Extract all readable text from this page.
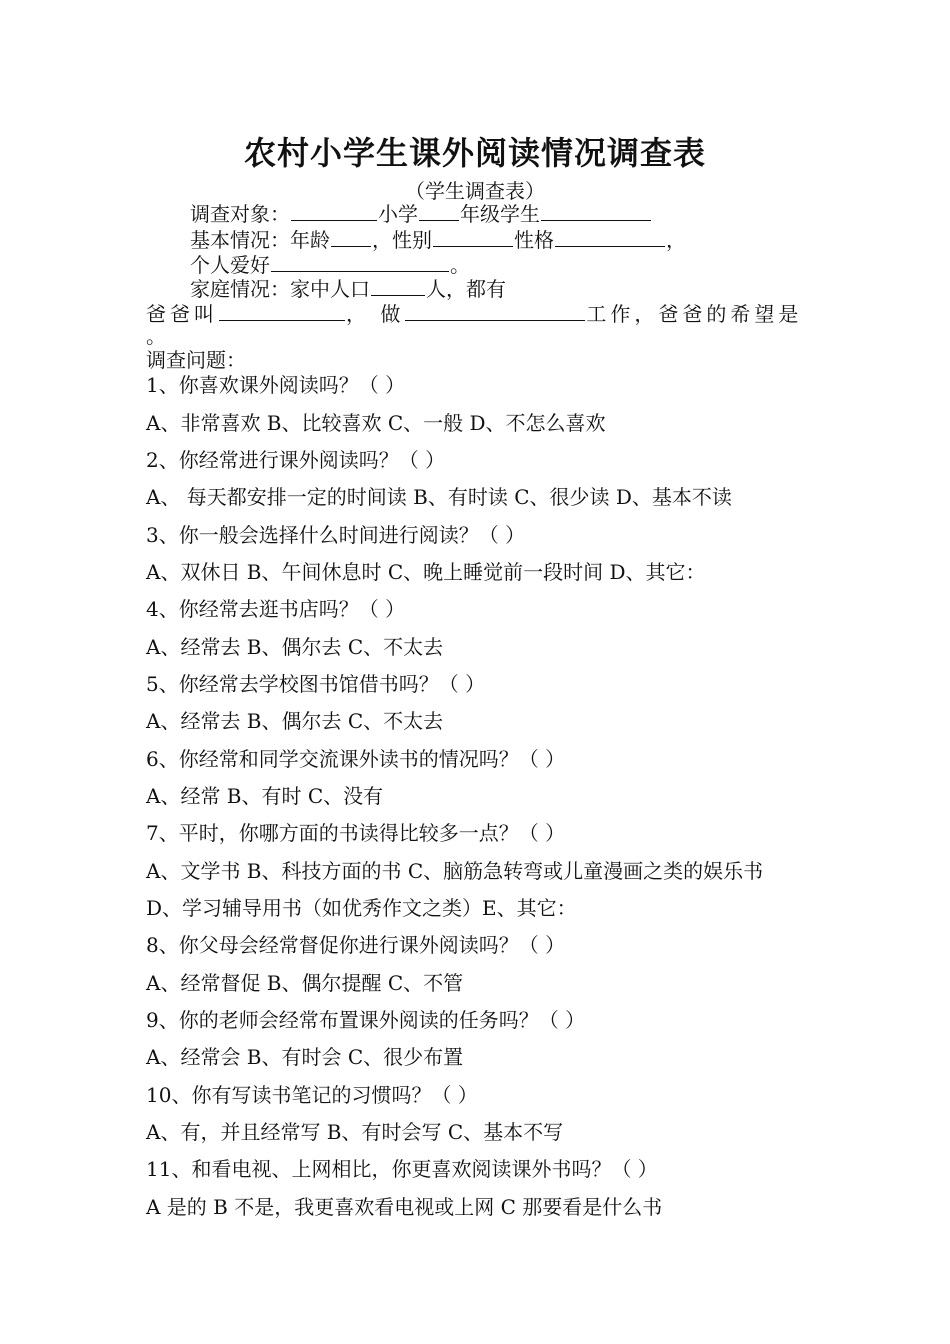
农村小学生课外阅读情况调查表
（学生调查表）
调查对象：	小学 年级学生
基本情况：年龄 ，性别	性格	，
个人爱好	。
家庭情况：家中人口	人，都有
爸爸叫	， 做	工作，爸爸的希望是
。
调查问题：
1、你喜欢课外阅读吗？（ ）
A、非常喜欢 B、比较喜欢 C、一般 D、不怎么喜欢
2、你经常进行课外阅读吗？（ ）
A、 每天都安排一定的时间读 B、有时读 C、很少读 D、基本不读
3、你一般会选择什么时间进行阅读？（ ）
A、双休日 B、午间休息时 C、晚上睡觉前一段时间 D、其它：
4、你经常去逛书店吗？（ ）
A、经常去 B、偶尔去 C、不太去
5、你经常去学校图书馆借书吗？（ ）
A、经常去 B、偶尔去 C、不太去
6、你经常和同学交流课外读书的情况吗？（ ）
A、经常 B、有时 C、没有
7、平时，你哪方面的书读得比较多一点？（ ）
A、文学书 B、科技方面的书 C、脑筋急转弯或儿童漫画之类的娱乐书
D、学习辅导用书（如优秀作文之类）E、其它：
8、你父母会经常督促你进行课外阅读吗？（ ）
A、经常督促 B、偶尔提醒 C、不管
9、你的老师会经常布置课外阅读的任务吗？（ ）
A、经常会 B、有时会 C、很少布置
10、你有写读书笔记的习惯吗？（ ）
A、有，并且经常写 B、有时会写 C、基本不写
11、和看电视、上网相比，你更喜欢阅读课外书吗？（ ）
A 是的 B 不是，我更喜欢看电视或上网 C 那要看是什么书
